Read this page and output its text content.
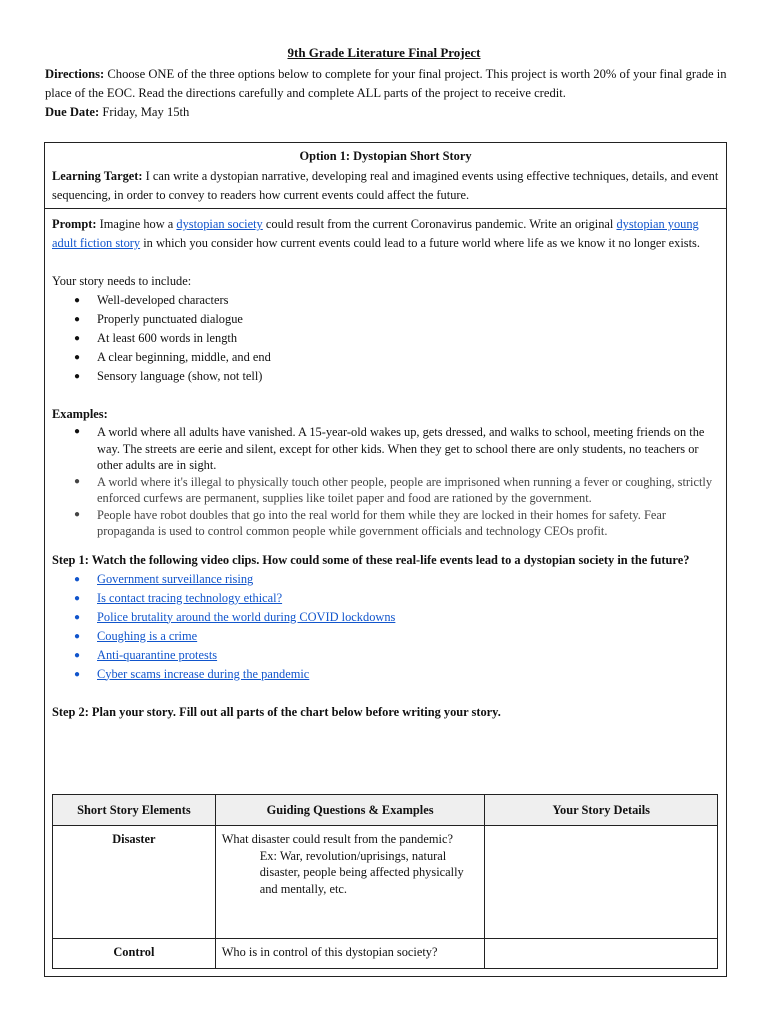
9th Grade Literature Final Project
Directions: Choose ONE of the three options below to complete for your final project. This project is worth 20% of your final grade in place of the EOC. Read the directions carefully and complete ALL parts of the project to receive credit.
Due Date: Friday, May 15th
Option 1: Dystopian Short Story
Learning Target: I can write a dystopian narrative, developing real and imagined events using effective techniques, details, and event sequencing, in order to convey to readers how current events could affect the future.
Prompt: Imagine how a dystopian society could result from the current Coronavirus pandemic. Write an original dystopian young adult fiction story in which you consider how current events could lead to a future world where life as we know it no longer exists.
Your story needs to include:
● Well-developed characters
● Properly punctuated dialogue
● At least 600 words in length
● A clear beginning, middle, and end
● Sensory language (show, not tell)
Examples:
● A world where all adults have vanished. A 15-year-old wakes up, gets dressed, and walks to school, meeting friends on the way. The streets are eerie and silent, except for other kids. When they get to school there are only students, no teachers or other adults are in sight.
● A world where it's illegal to physically touch other people, people are imprisoned when running a fever or coughing, strictly enforced curfews are permanent, supplies like toilet paper and food are rationed by the government.
● People have robot doubles that go into the real world for them while they are locked in their homes for safety. Fear propaganda is used to control common people while government officials and technology CEOs profit.
Step 1: Watch the following video clips. How could some of these real-life events lead to a dystopian society in the future?
● Government surveillance rising
● Is contact tracing technology ethical?
● Police brutality around the world during COVID lockdowns
● Coughing is a crime
● Anti-quarantine protests
● Cyber scams increase during the pandemic
Step 2: Plan your story. Fill out all parts of the chart below before writing your story.
Short Story Elements	Guiding Questions & Examples	Your Story Details
Disaster	What disaster could result from the pandemic?
Ex: War, revolution/uprisings, natural disaster, people being affected physically and mentally, etc.	

Control	Who is in control of this dystopian society?	
